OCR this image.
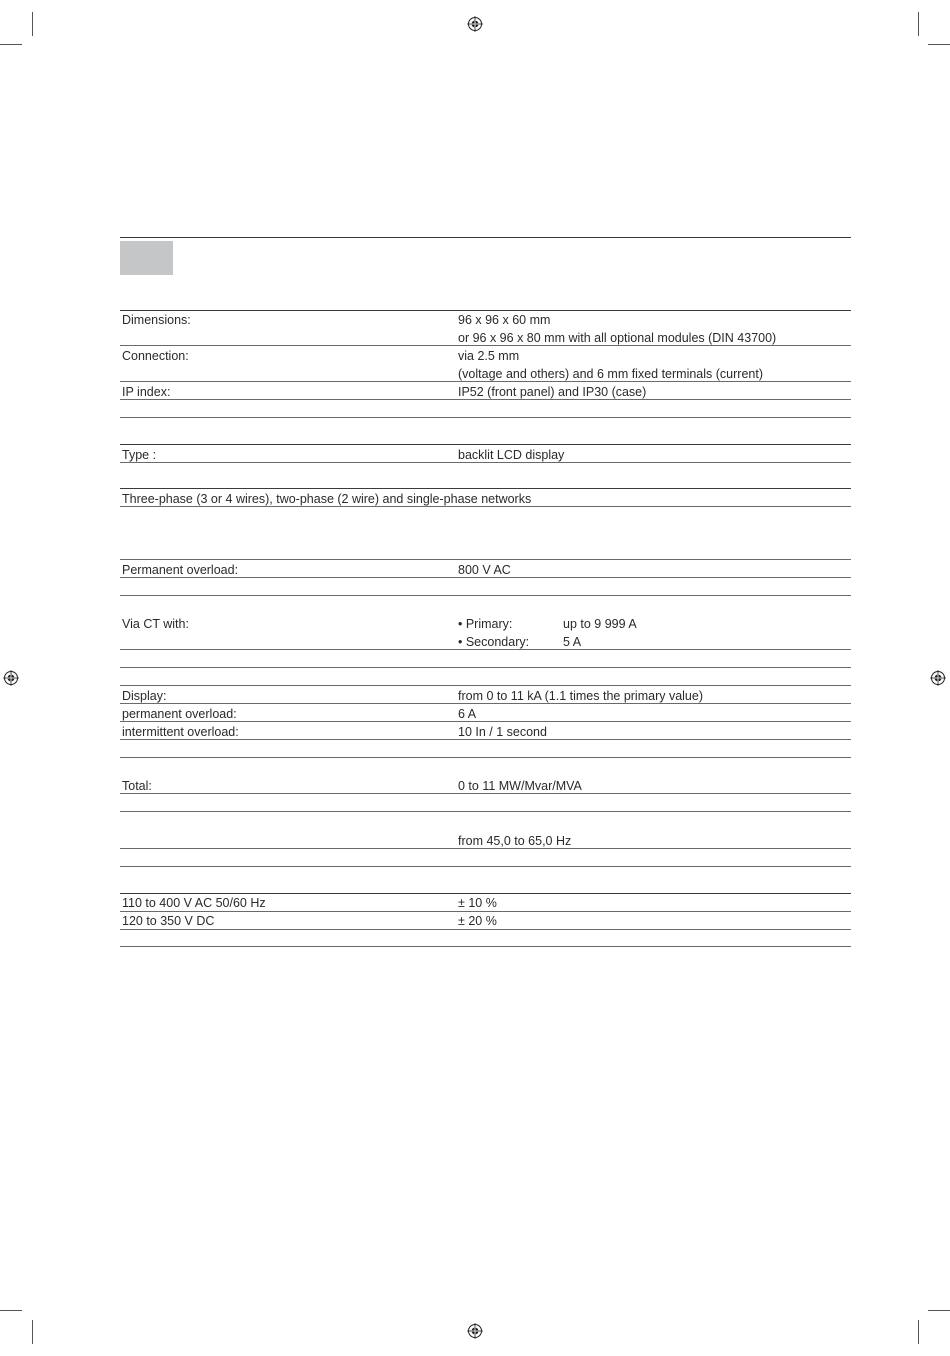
Dimensions:	96 x 96 x 60 mm
or 96 x 96 x 80 mm with all optional modules (DIN 43700)
Connection:	via 2.5 mm
(voltage and others) and 6 mm fixed terminals (current)
IP index:	IP52 (front panel) and IP30 (case)
Type :	backlit LCD display
Three-phase (3 or 4 wires), two-phase (2 wire) and single-phase networks
Permanent overload:	800 V AC
Via CT with:	• Primary:	up to 9 999 A
• Secondary:	5 A
Display:	from 0 to 11 kA (1.1 times the primary value)
permanent overload:	6 A
intermittent overload:	10 In / 1 second
Total:	0 to 11 MW/Mvar/MVA
from 45,0 to 65,0 Hz
110 to 400 V AC 50/60 Hz	± 10 %
120 to 350 V DC	± 20 %
